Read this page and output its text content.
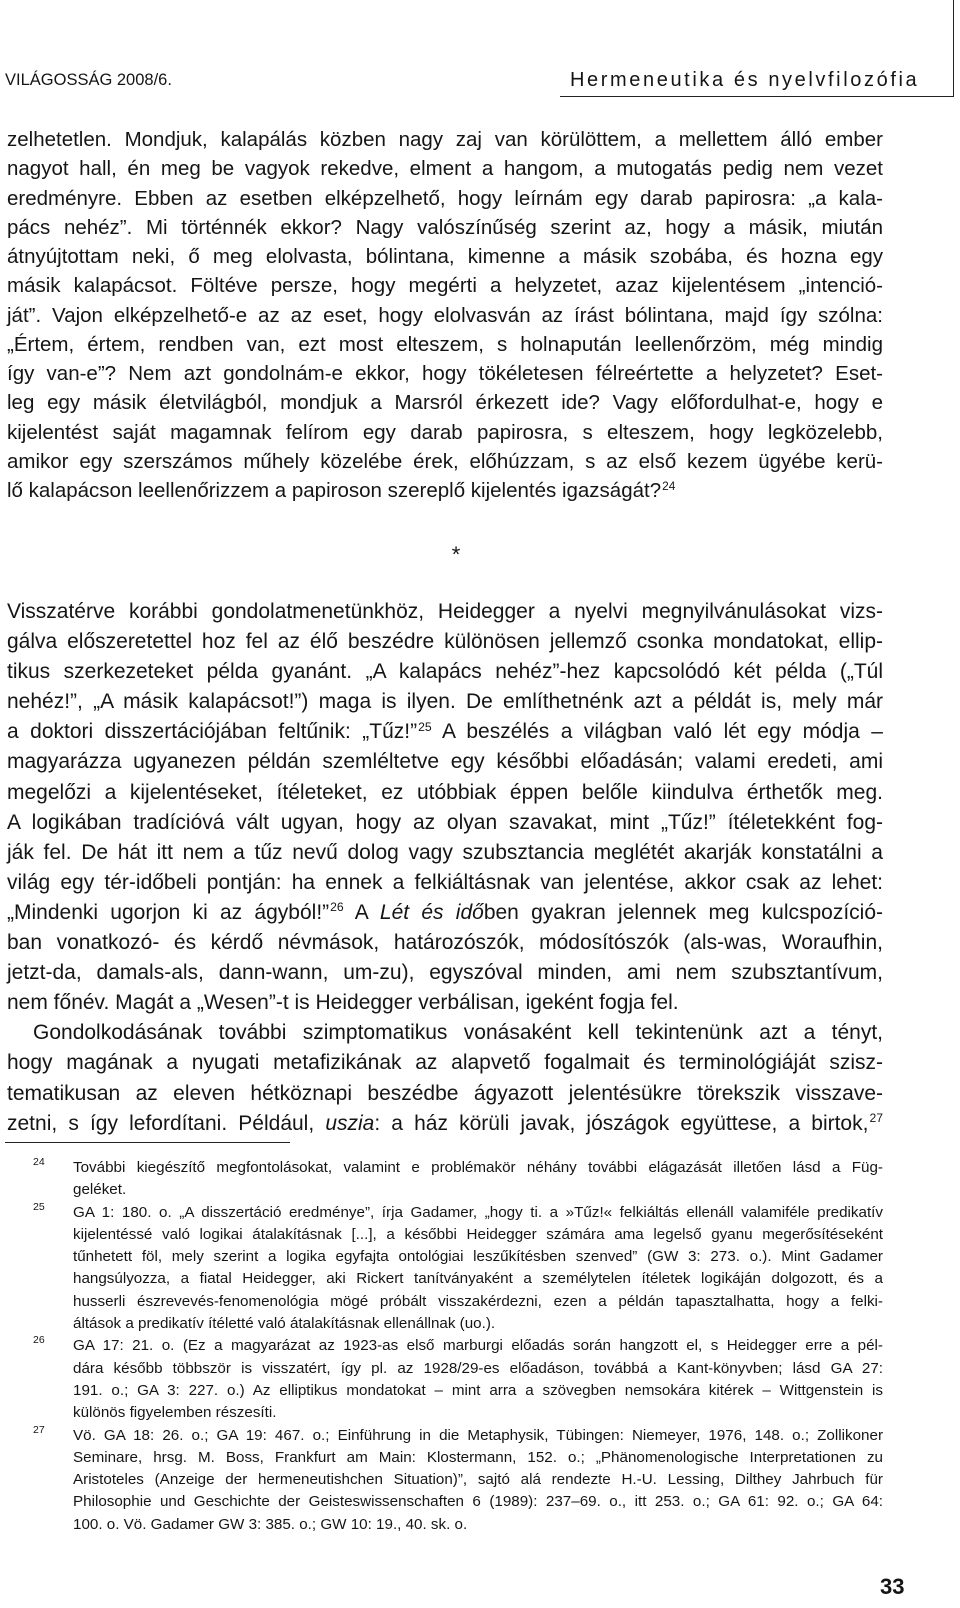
VILÁGOSSÁG 2008/6.	Hermeneutika és nyelvfilozófia
zelhetetlen. Mondjuk, kalapálás közben nagy zaj van körülöttem, a mellettem álló ember
nagyot hall, én meg be vagyok rekedve, elment a hangom, a mutogatás pedig nem vezet
eredményre. Ebben az esetben elképzelhető, hogy leírnám egy darab papirosra: „a kala-
pács nehéz”. Mi történnék ekkor? Nagy valószínűség szerint az, hogy a másik, miután
átnyújtottam neki, ő meg elolvasta, bólintana, kimenne a másik szobába, és hozna egy
másik kalapácsot. Föltéve persze, hogy megérti a helyzetet, azaz kijelentésem „intenció-
ját”. Vajon elképzelhető-e az az eset, hogy elolvasván az írást bólintana, majd így szólna:
„Értem, értem, rendben van, ezt most elteszem, s holnapután leellenőrzöm, még mindig
így van-e”? Nem azt gondolnám-e ekkor, hogy tökéletesen félreértette a helyzetet? Eset-
leg egy másik életvilágból, mondjuk a Marsról érkezett ide? Vagy előfordulhat-e, hogy e
kijelentést saját magamnak felírom egy darab papirosra, s elteszem, hogy legközelebb,
amikor egy szerszámos műhely közelébe érek, előhúzzam, s az első kezem ügyébe kerü-
lő kalapácson leellenőrizzem a papiroson szereplő kijelentés igazságát?$^{24}$
*
Visszatérve korábbi gondolatmenetünkhöz, Heidegger a nyelvi megnyilvánulásokat vizs-
gálva előszeretettel hoz fel az élő beszédre különösen jellemző csonka mondatokat, ellip-
tikus szerkezeteket példa gyanánt. „A kalapács nehéz”-hez kapcsolódó két példa („Túl
nehéz!”, „A másik kalapácsot!”) maga is ilyen. De említhetnénk azt a példát is, mely már
a doktori disszertációjában feltűnik: „Tűz!”$^{25}$ A beszélés a világban való lét egy módja –
magyarázza ugyanezen példán szemléltetve egy későbbi előadásán; valami eredeti, ami
megelőzi a kijelentéseket, ítéleteket, ez utóbbiak éppen belőle kiindulva érthetők meg.
A logikában tradícióvá vált ugyan, hogy az olyan szavakat, mint „Tűz!” ítéletekként fog-
ják fel. De hát itt nem a tűz nevű dolog vagy szubsztancia meglétét akarják konstatálni a
világ egy tér-időbeli pontján: ha ennek a felkiáltásnak van jelentése, akkor csak az lehet:
„Mindenki ugorjon ki az ágyból!”$^{26}$ A Lét és időben gyakran jelennek meg kulcspozíció-
ban vonatkozó- és kérdő névmások, határozószók, módosítószók (als-was, Woraufhin,
jetzt-da, damals-als, dann-wann, um-zu), egyszóval minden, ami nem szubsztantívum,
nem főnév. Magát a „Wesen”-t is Heidegger verbálisan, igeként fogja fel.
Gondolkodásának további szimptomatikus vonásaként kell tekintenünk azt a tényt,
hogy magának a nyugati metafizikának az alapvető fogalmait és terminológiáját szisz-
tematikusan az eleven hétköznapi beszédbe ágyazott jelentésükre törekszik visszave-
zetni, s így lefordítani. Például, uszia: a ház körüli javak, jószágok együttese, a birtok,$^{27}$
24 További kiegészítő megfontolásokat, valamint e problémakör néhány további elágazását illetően lásd a Füg-
geléket.
25 GA 1: 180. o. „A disszertáció eredménye”, írja Gadamer, „hogy ti. a »Tűz!« felkiáltás ellenáll valamiféle predikatív
kijelentéssé való logikai átalakításnak [...], a későbbi Heidegger számára ama legelső gyanu megerősítéseként
tűnhetett föl, mely szerint a logika egyfajta ontológiai leszűkítésben szenved” (GW 3: 273. o.). Mint Gadamer
hangsúlyozza, a fiatal Heidegger, aki Rickert tanítványaként a személytelen ítéletek logikáján dolgozott, és a
husserli észrevevés-fenomenológia mögé próbált visszakérdezni, ezen a példán tapasztalhatta, hogy a felki-
áltások a predikatív ítéletté való átalakításnak ellenállnak (uo.).
26 GA 17: 21. o. (Ez a magyarázat az 1923-as első marburgi előadás során hangzott el, s Heidegger erre a pél-
dára később többször is visszatért, így pl. az 1928/29-es előadáson, továbbá a Kant-könyvben; lásd GA 27:
191. o.; GA 3: 227. o.) Az elliptikus mondatokat – mint arra a szövegben nemsokára kitérek – Wittgenstein is
különös figyelemben részesíti.
27 Vö. GA 18: 26. o.; GA 19: 467. o.; Einführung in die Metaphysik, Tübingen: Niemeyer, 1976, 148. o.; Zollikoner
Seminare, hrsg. M. Boss, Frankfurt am Main: Klostermann, 152. o.; „Phänomenologische Interpretationen zu
Aristoteles (Anzeige der hermeneutishchen Situation)”, sajtó alá rendezte H.-U. Lessing, Dilthey Jahrbuch für
Philosophie und Geschichte der Geisteswissenschaften 6 (1989): 237–69. o., itt 253. o.; GA 61: 92. o.; GA 64:
100. o. Vö. Gadamer GW 3: 385. o.; GW 10: 19., 40. sk. o.
33
